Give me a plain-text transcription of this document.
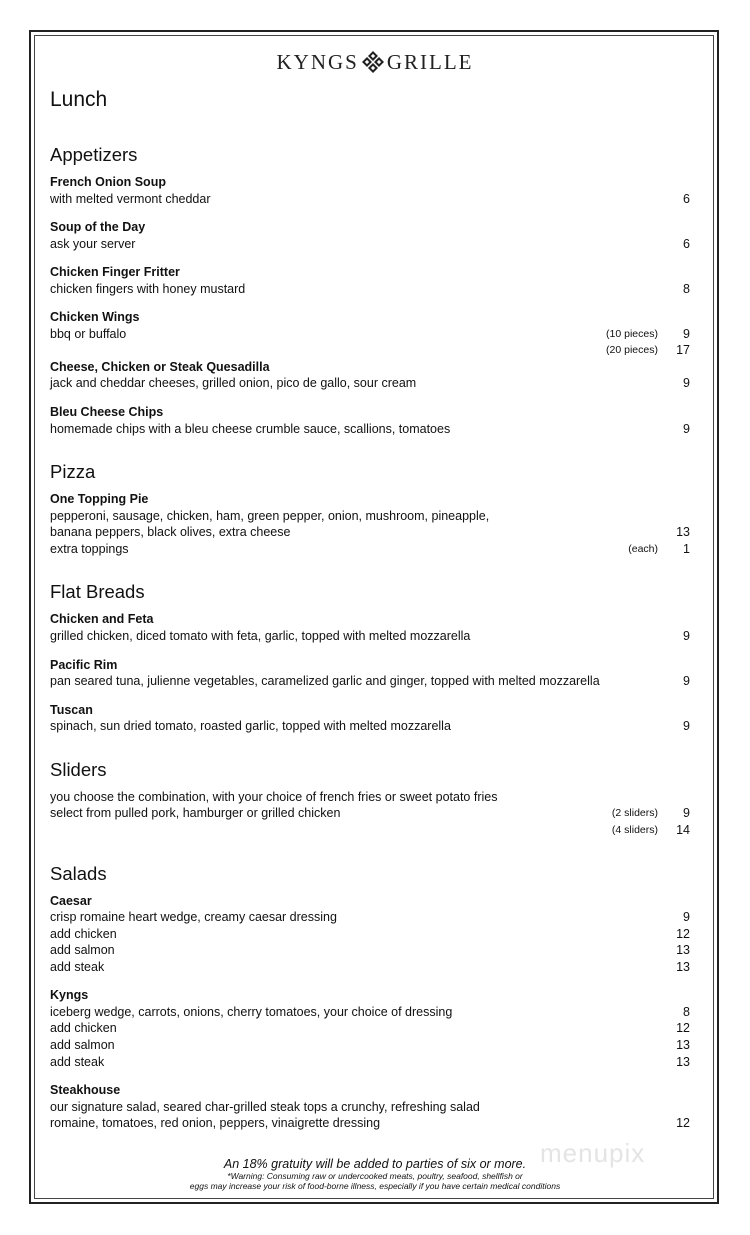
KYNGS GRILLE
Lunch
Appetizers
French Onion Soup
with melted vermont cheddar	6
Soup of the Day
ask your server	6
Chicken Finger Fritter
chicken fingers with honey mustard	8
Chicken Wings
bbq or buffalo	(10 pieces)	9
(20 pieces)	17
Cheese, Chicken or Steak Quesadilla
jack and cheddar cheeses, grilled onion, pico de gallo, sour cream	9
Bleu Cheese Chips
homemade chips with a bleu cheese crumble sauce, scallions, tomatoes	9
Pizza
One Topping Pie
pepperoni, sausage, chicken, ham, green pepper, onion, mushroom, pineapple,
banana peppers, black olives, extra cheese	13
extra toppings	(each)	1
Flat Breads
Chicken and Feta
grilled chicken, diced tomato with feta, garlic, topped with melted mozzarella	9
Pacific Rim
pan seared tuna, julienne vegetables, caramelized garlic and ginger, topped with melted mozzarella	9
Tuscan
spinach, sun dried tomato, roasted garlic, topped with melted mozzarella	9
Sliders
you choose the combination, with your choice of french fries or sweet potato fries
select from pulled pork, hamburger or grilled chicken	(2 sliders)	9
(4 sliders)	14
Salads
Caesar
crisp romaine heart wedge, creamy caesar dressing	9
add chicken	12
add salmon	13
add steak	13
Kyngs
iceberg wedge, carrots, onions, cherry tomatoes, your choice of dressing	8
add chicken	12
add salmon	13
add steak	13
Steakhouse
our signature salad, seared char-grilled steak tops a crunchy, refreshing salad
romaine, tomatoes, red onion, peppers, vinaigrette dressing	12
menupix
An 18% gratuity will be added to parties of six or more.
*Warning: Consuming raw or undercooked meats, poultry, seafood, shellfish or
eggs may increase your risk of food-borne illness, especially if you have certain medical conditions
